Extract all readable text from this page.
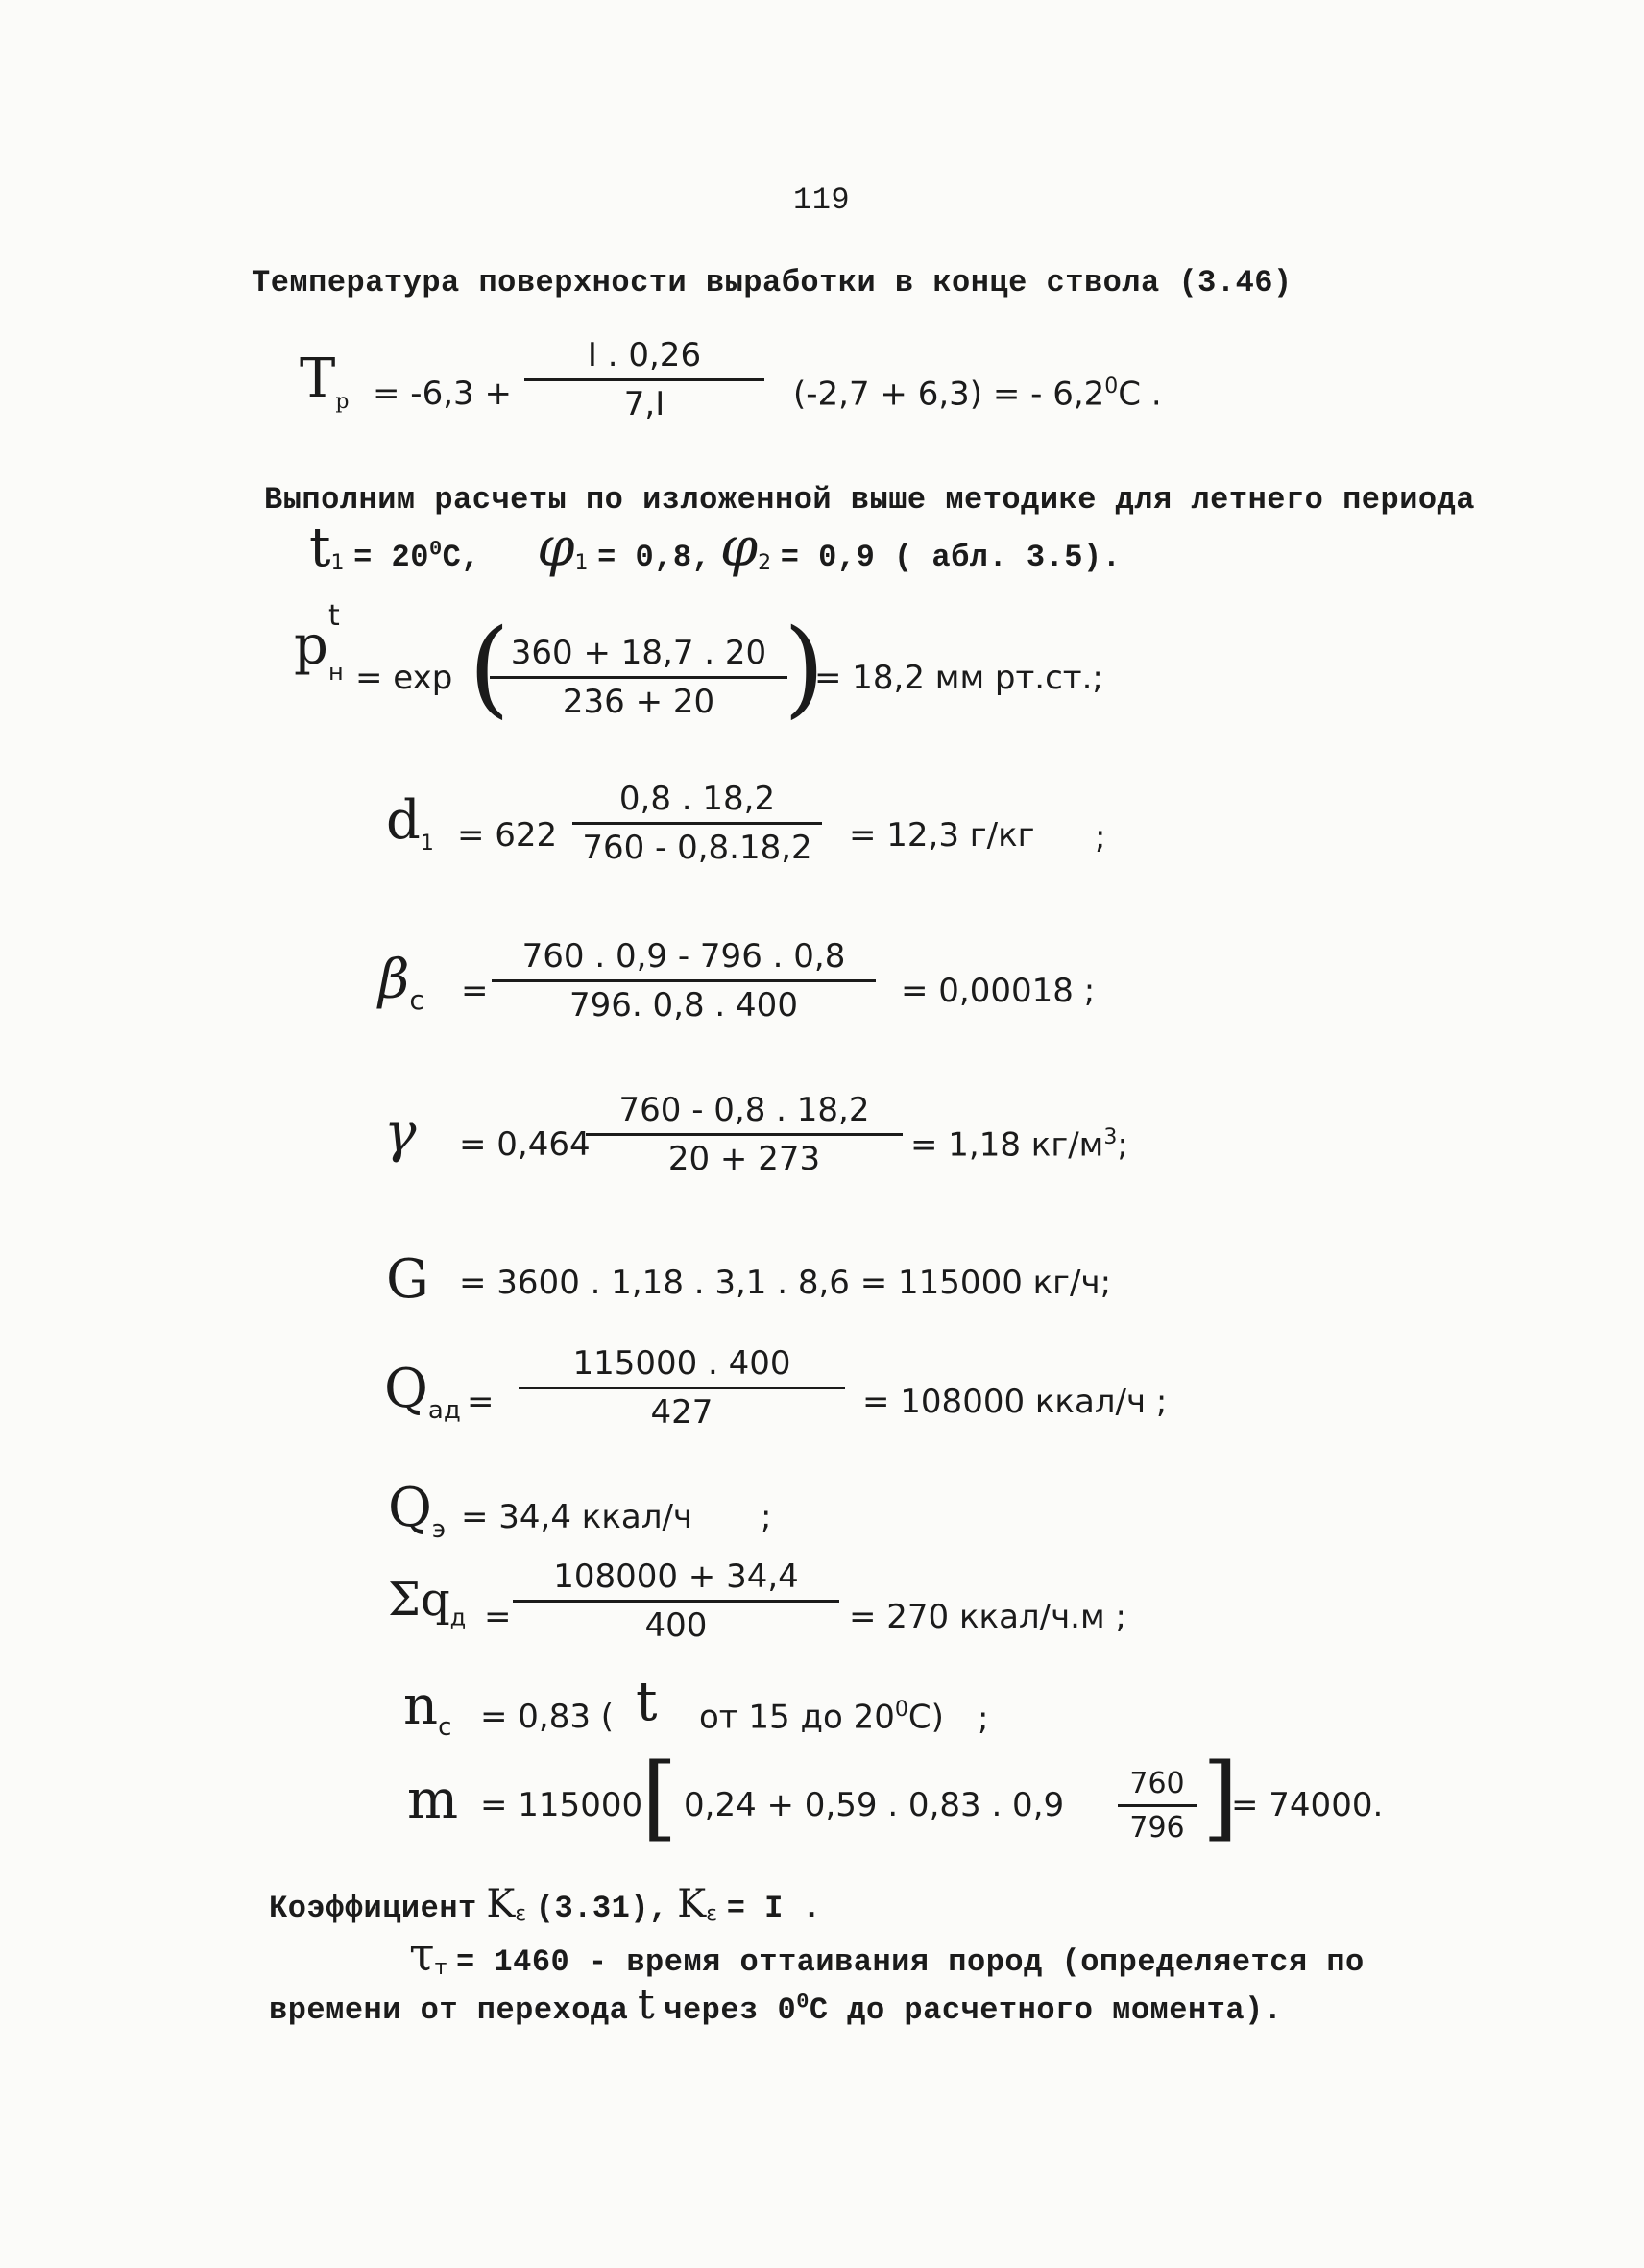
119
Температура поверхности выработки в конце ствола (3.46)
$T_p = -6,3$ +
I . 0,26
7,I	(-2,7 + 6,3) = - $6,2^0C$ .
Выполним расчеты по изложенной выше методике для летнего периода
$t_1 = 20^0C$, $\varphi_1 = 0,8$, $\varphi_2 = 0,9$ ( абл. 3.5).
p t
н = exp ( 360 + 18,7 . 20
236 + 20 )
= 18,2 мм рт.ст.;
$d_1 = 622$
0,8 . 18,2
760 - 0,8.18,2 = 12,3 г/кг ;
$\beta_c$ =
760 . 0,9 - 796 . 0,8
796. 0,8 . 400	= 0,00018 ;
γ = 0,464
760 - 0,8 . 18,2
20 + 273	= 1,18 $кг/м^3$;
G = 3600 . 1,18 . 3,1 . 8,6 = 115000 кг/ч;
$Q_{ад}$ =
115000 . 400
427	= 108000 ккал/ч ;
$Q_э = 34,4$ ккал/ч ;
$\Sigma q_д$ =
108000 + 34,4
400	= 270 ккал/ч.м ;
$n_c = 0,83$ ( t от 15 до $20^0C$) ;
m = 115000
[ 0,24 + 0,59 . 0,83 . 0,9
760
796 ]
= 74000.
Коэффициент $K_\varepsilon$ (3.31), $K_\varepsilon = I$ .
$\tau_т = 1460$ - время оттаивания пород (определяется по
времени от перехода t через $0^0C$ до расчетного момента).
